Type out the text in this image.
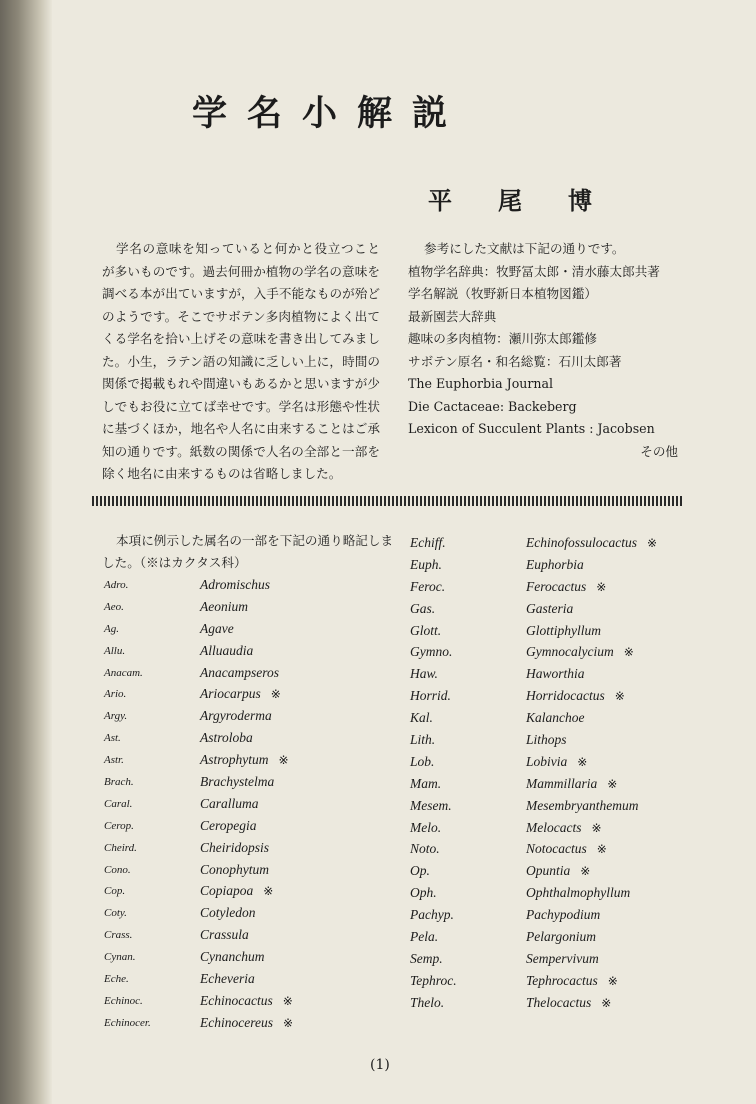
学名小解説

平尾博

学名の意味を知っていると何かと役立つことが多いものです。過去何冊か植物の学名の意味を調べる本が出ていますが，入手不能なものが殆どのようです。そこでサボテン多肉植物によく出てくる学名を拾い上げその意味を書き出してみました。小生，ラテン語の知識に乏しい上に，時間の関係で掲載もれや間違いもあるかと思いますが少しでもお役に立てば幸せです。学名は形態や性状に基づくほか，地名や人名に由来することはご承知の通りです。紙数の関係で人名の全部と一部を除く地名に由来するものは省略しました。

参考にした文献は下記の通りです。
植物学名辞典：牧野冨太郎・清水藤太郎共著
学名解説（牧野新日本植物図鑑）
最新園芸大辞典
趣味の多肉植物：瀬川弥太郎鑑修
サボテン原名・和名総覧：石川太郎著
The Euphorbia Journal
Die Cactaceae: Backeberg
Lexicon of Succulent Plants : Jacobsen
その他

本項に例示した属名の一部を下記の通り略記しました。（※はカクタス科）

Adro.	Adromischus
Aeo.	Aeonium
Ag.	Agave
Allu.	Alluaudia
Anacam.	Anacampseros
Ario.	Ariocarpus ※
Argy.	Argyroderma
Ast.	Astroloba
Astr.	Astrophytum ※
Brach.	Brachystelma
Caral.	Caralluma
Cerop.	Ceropegia
Cheird.	Cheiridopsis
Cono.	Conophytum
Cop.	Copiapoa ※
Coty.	Cotyledon
Crass.	Crassula
Cynan.	Cynanchum
Eche.	Echeveria
Echinoc.	Echinocactus ※
Echinocer.	Echinocereus ※
Echiff.	Echinofossulocactus ※
Euph.	Euphorbia
Feroc.	Ferocactus ※
Gas.	Gasteria
Glott.	Glottiphyllum
Gymno.	Gymnocalycium ※
Haw.	Haworthia
Horrid.	Horridocactus ※
Kal.	Kalanchoe
Lith.	Lithops
Lob.	Lobivia ※
Mam.	Mammillaria ※
Mesem.	Mesembryanthemum
Melo.	Melocacts ※
Noto.	Notocactus ※
Op.	Opuntia ※
Oph.	Ophthalmophyllum
Pachyp.	Pachypodium
Pela.	Pelargonium
Semp.	Sempervivum
Tephroc.	Tephrocactus ※
Thelo.	Thelocactus ※

(1)
